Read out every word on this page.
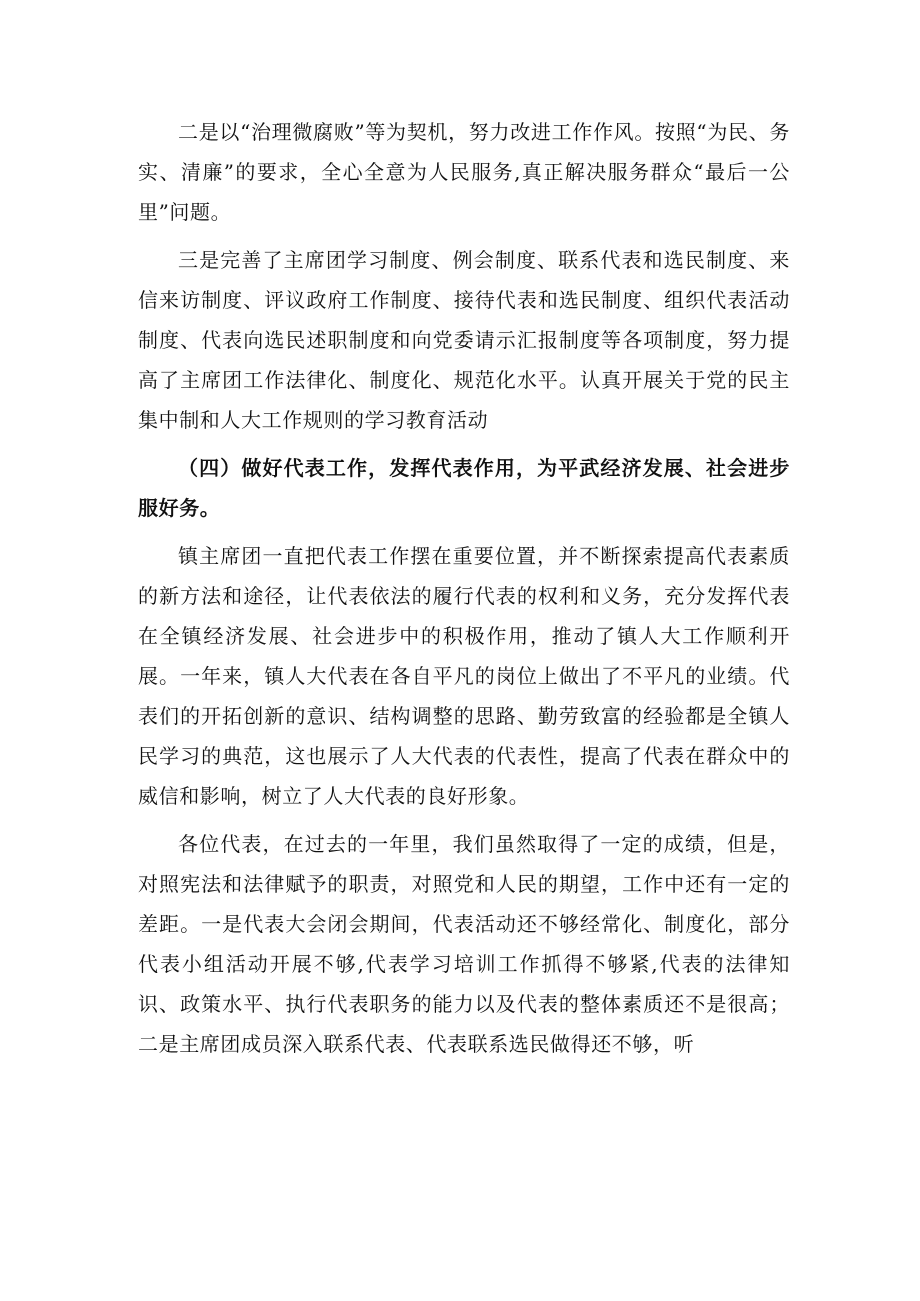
二是以“治理微腐败”等为契机，努力改进工作作风。按照“为民、务实、清廉”的要求，全心全意为人民服务,真正解决服务群众“最后一公里”问题。

三是完善了主席团学习制度、例会制度、联系代表和选民制度、来信来访制度、评议政府工作制度、接待代表和选民制度、组织代表活动制度、代表向选民述职制度和向党委请示汇报制度等各项制度，努力提高了主席团工作法律化、制度化、规范化水平。认真开展关于党的民主集中制和人大工作规则的学习教育活动

（四）做好代表工作，发挥代表作用，为平武经济发展、社会进步服好务。

镇主席团一直把代表工作摆在重要位置，并不断探索提高代表素质的新方法和途径，让代表依法的履行代表的权利和义务，充分发挥代表在全镇经济发展、社会进步中的积极作用，推动了镇人大工作顺利开展。一年来，镇人大代表在各自平凡的岗位上做出了不平凡的业绩。代表们的开拓创新的意识、结构调整的思路、勤劳致富的经验都是全镇人民学习的典范，这也展示了人大代表的代表性，提高了代表在群众中的威信和影响，树立了人大代表的良好形象。

各位代表，在过去的一年里，我们虽然取得了一定的成绩，但是，对照宪法和法律赋予的职责，对照党和人民的期望，工作中还有一定的差距。一是代表大会闭会期间，代表活动还不够经常化、制度化，部分代表小组活动开展不够,代表学习培训工作抓得不够紧,代表的法律知识、政策水平、执行代表职务的能力以及代表的整体素质还不是很高；二是主席团成员深入联系代表、代表联系选民做得还不够，听
